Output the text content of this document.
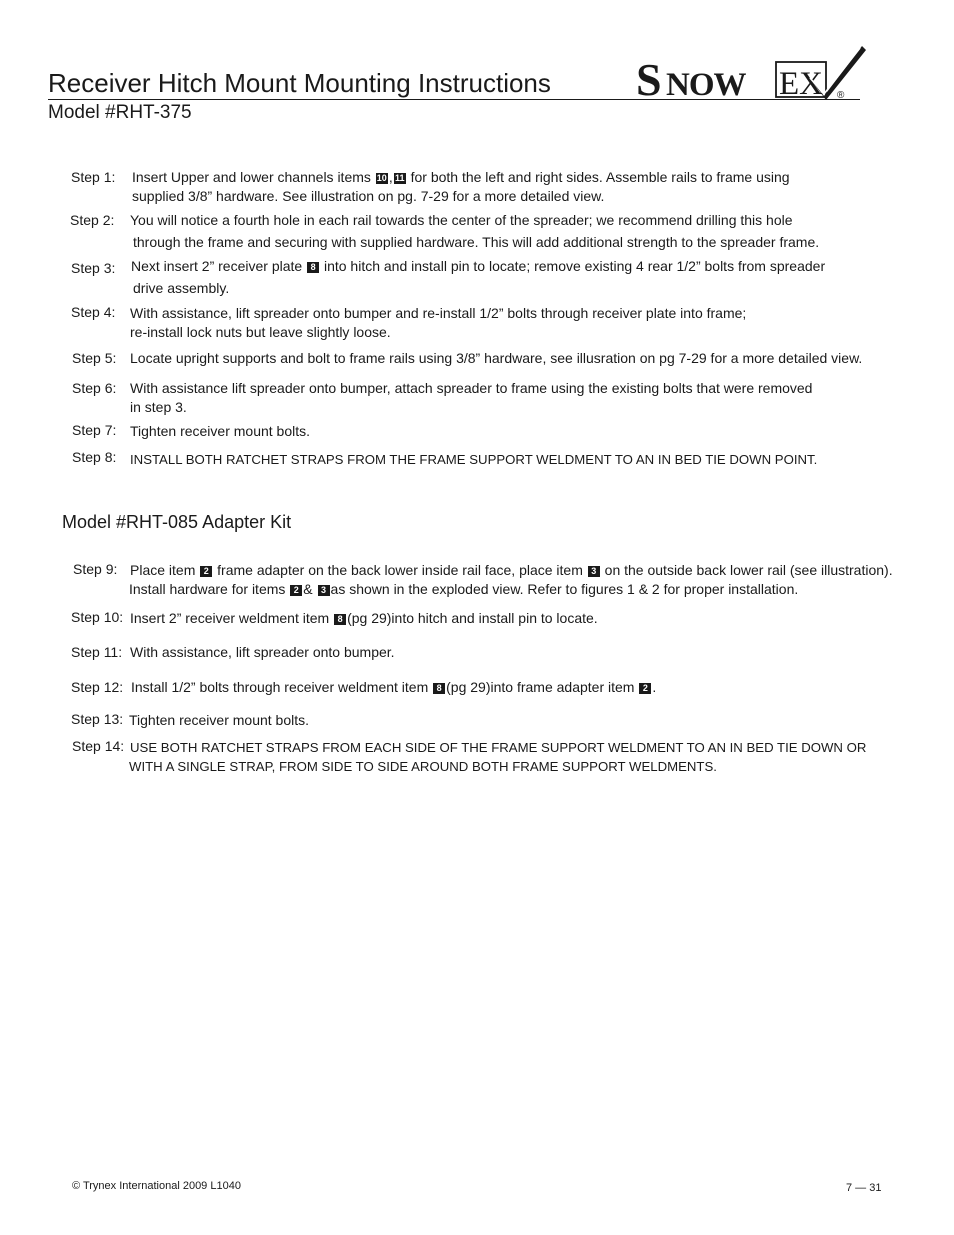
Receiver Hitch Mount Mounting Instructions
Model #RHT-375
S NOW EX ®
Step 1: Insert Upper and lower channels items 10 , 11 for both the left and right sides. Assemble rails to frame using
supplied 3/8” hardware. See illustration on pg. 7-29 for a more detailed view.
Step 2: You will notice a fourth hole in each rail towards the center of the spreader; we recommend drilling this hole
through the frame and securing with supplied hardware. This will add additional strength to the spreader frame.
Step 3: Next insert 2” receiver plate 8 into hitch and install pin to locate; remove existing 4 rear 1/2” bolts from spreader
drive assembly.
Step 4: With assistance, lift spreader onto bumper and re-install 1/2” bolts through receiver plate into frame;
re-install lock nuts but leave slightly loose.
Step 5: Locate upright supports and bolt to frame rails using 3/8” hardware, see illusration on pg 7-29 for a more detailed view.
Step 6: With assistance lift spreader onto bumper, attach spreader to frame using the existing bolts that were removed
in step 3.
Step 7: Tighten receiver mount bolts.
Step 8: INSTALL BOTH RATCHET STRAPS FROM THE FRAME SUPPORT WELDMENT TO AN IN BED TIE DOWN POINT.
Model #RHT-085 Adapter Kit
Step 9: Place item 2 frame adapter on the back lower inside rail face, place item 3 on the outside back lower rail (see illustration).
Install hardware for items 2 & 3 as shown in the exploded view. Refer to figures 1 & 2 for proper installation.
Step 10: Insert 2” receiver weldment item 8 (pg 29)into hitch and install pin to locate.
Step 11: With assistance, lift spreader onto bumper.
Step 12: Install 1/2” bolts through receiver weldment item 8 (pg 29)into frame adapter item 2 .
Step 13: Tighten receiver mount bolts.
Step 14: USE BOTH RATCHET STRAPS FROM EACH SIDE OF THE FRAME SUPPORT WELDMENT TO AN IN BED TIE DOWN OR
WITH A SINGLE STRAP, FROM SIDE TO SIDE AROUND BOTH FRAME SUPPORT WELDMENTS.
© Trynex International 2009 L1040	7 — 31
